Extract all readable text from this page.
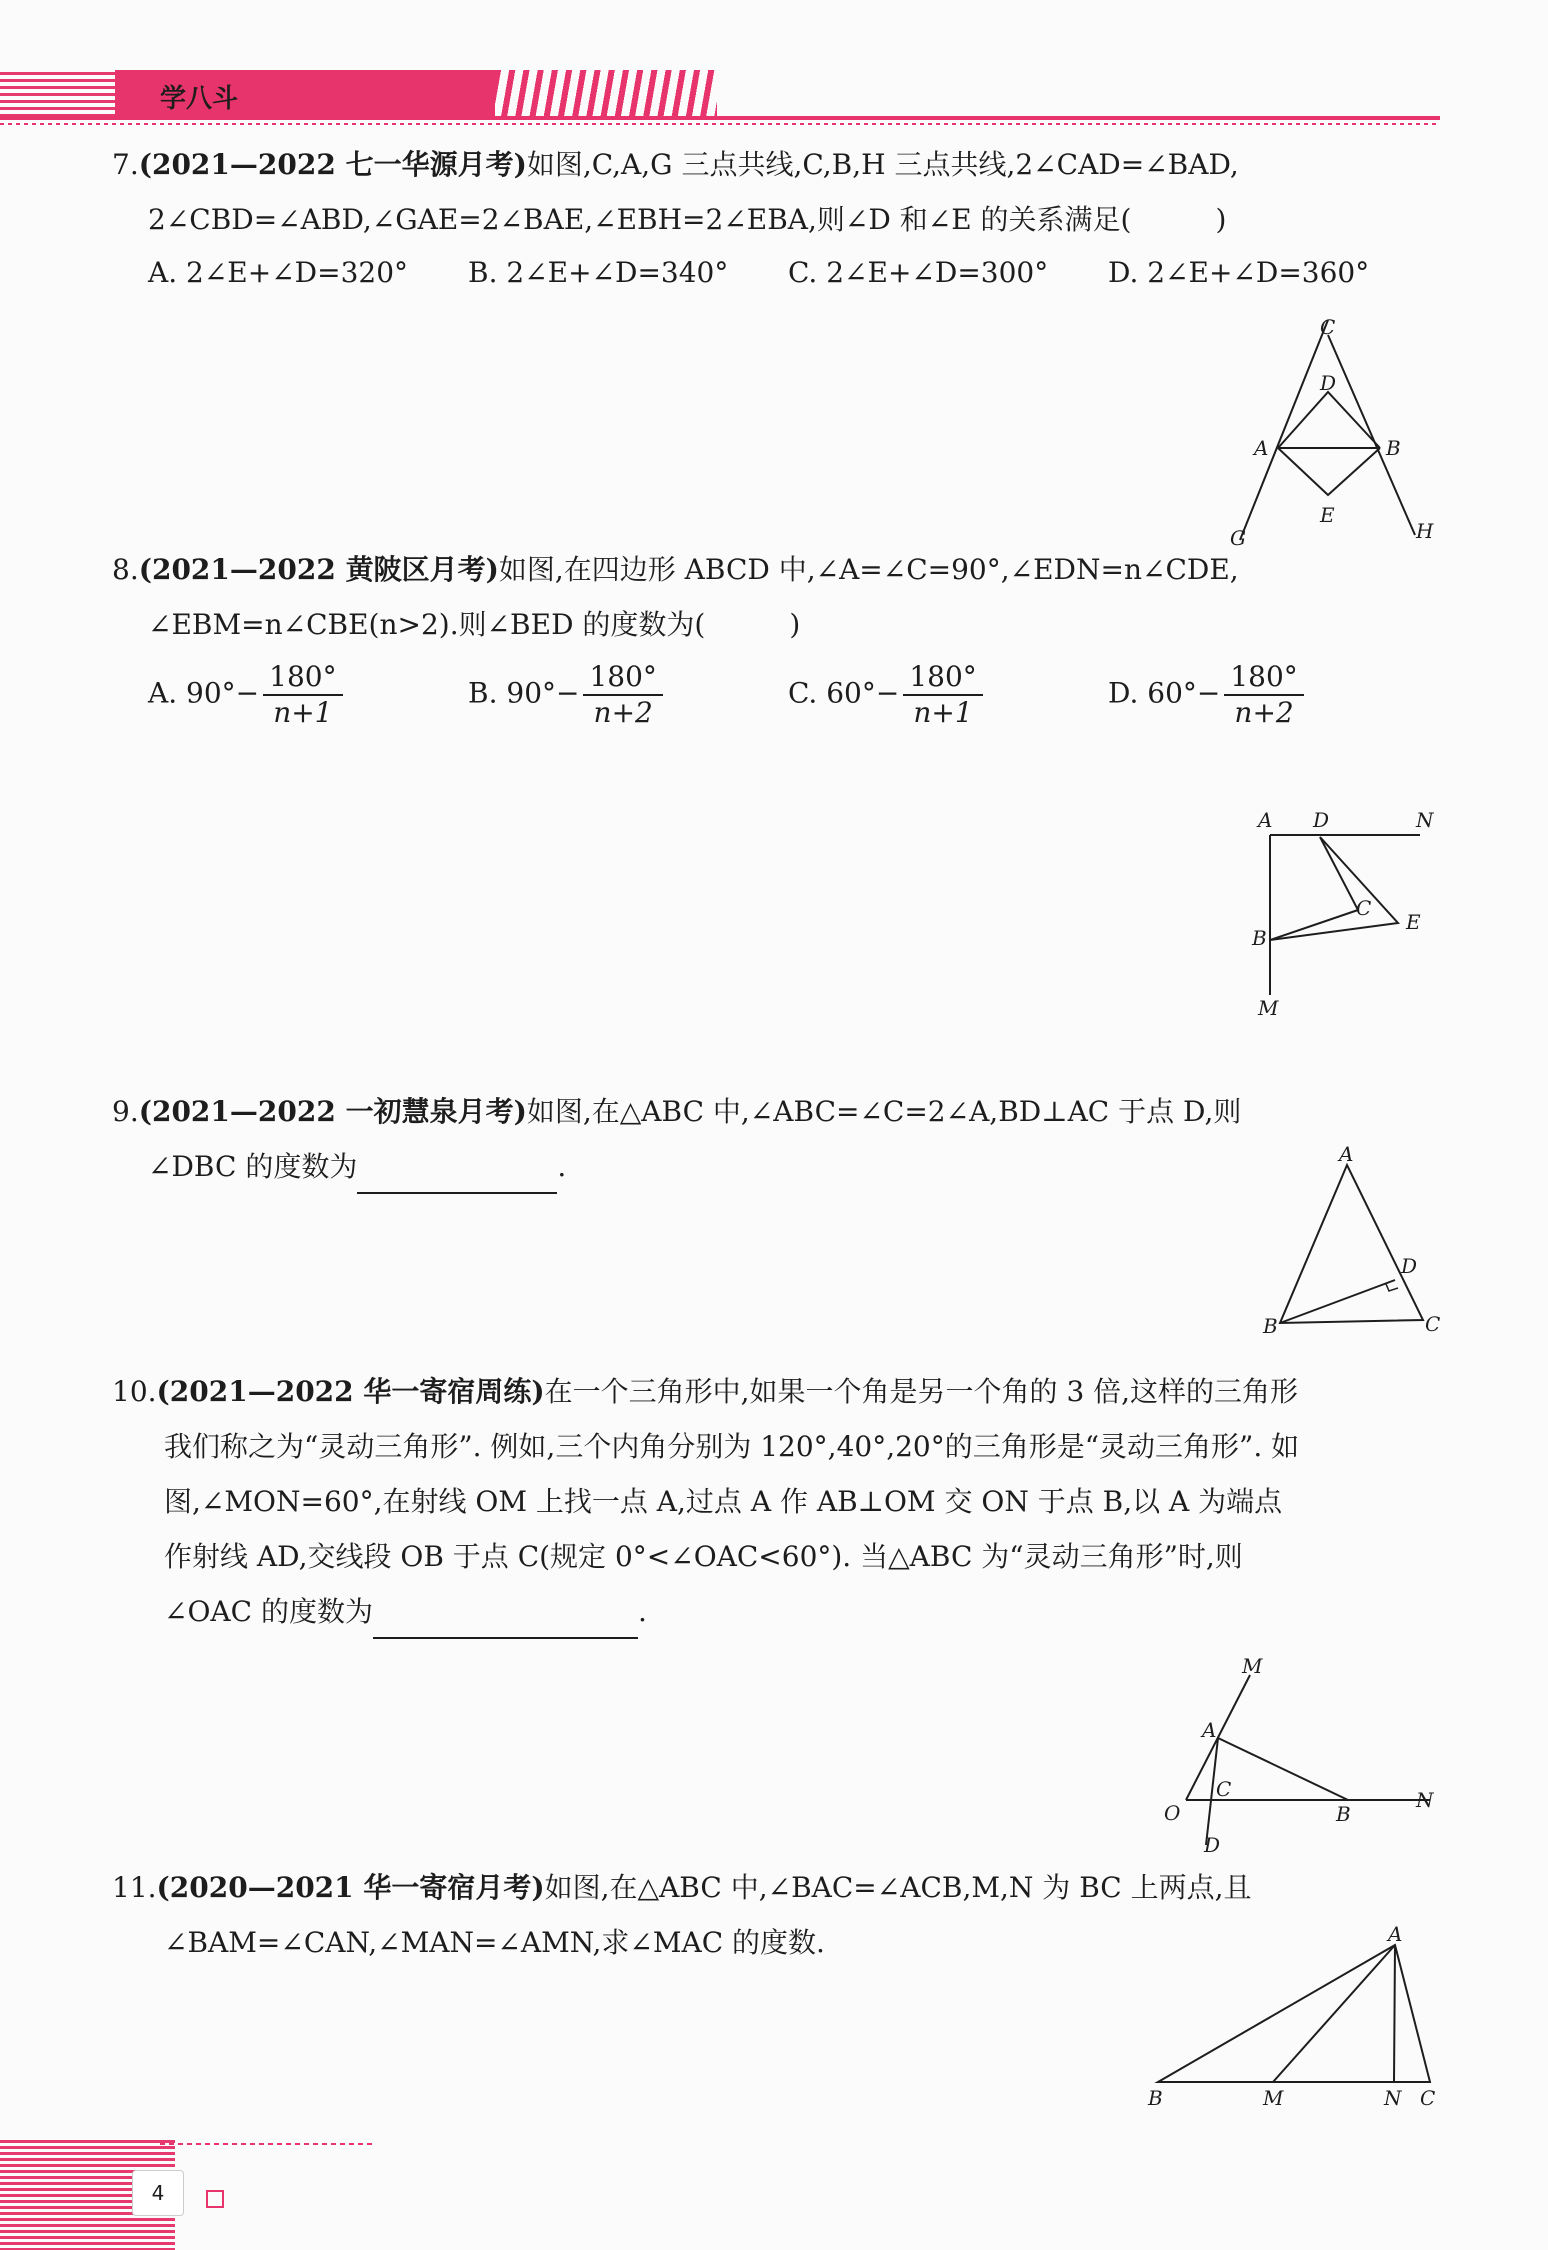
学八斗
7.(2021—2022 七一华源月考)如图,C,A,G 三点共线,C,B,H 三点共线,2∠CAD=∠BAD,
2∠CBD=∠ABD,∠GAE=2∠BAE,∠EBH=2∠EBA,则∠D 和∠E 的关系满足(　　　)
A. 2∠E+∠D=320° B. 2∠E+∠D=340° C. 2∠E+∠D=300° D. 2∠E+∠D=360°
C
D
A	B
E
G	H
8.(2021—2022 黄陂区月考)如图,在四边形 ABCD 中,∠A=∠C=90°,∠EDN=n∠CDE,
∠EBM=n∠CBE(n>2).则∠BED 的度数为(　　　)
A. $90^\circ- \frac{180^\circ}{n+1}$	B. $90^\circ- \frac{180^\circ}{n+2}$	C. $60^\circ- \frac{180^\circ}{n+1}$	D. $60^\circ- \frac{180^\circ}{n+2}$
A D	N
C
E
B
M
9.(2021—2022 一初慧泉月考)如图,在△ABC 中,∠ABC=∠C=2∠A,BD⊥AC 于点 D,则
∠DBC 的度数为	.	A
D
B	C
10.(2021—2022 华一寄宿周练)在一个三角形中,如果一个角是另一个角的 3 倍,这样的三角形
我们称之为“灵动三角形”. 例如,三个内角分别为 120°,40°,20°的三角形是“灵动三角形”. 如
图,∠MON=60°,在射线 OM 上找一点 A,过点 A 作 AB⊥OM 交 ON 于点 B,以 A 为端点
作射线 AD,交线段 OB 于点 C(规定 0°<∠OAC<60°). 当△ABC 为“灵动三角形”时,则
∠OAC 的度数为	.
M
A
C
O	B
N
D
11.(2020—2021 华一寄宿月考)如图,在△ABC 中,∠BAC=∠ACB,M,N 为 BC 上两点,且
∠BAM=∠CAN,∠MAN=∠AMN,求∠MAC 的度数.	A
B	M	N C
4
